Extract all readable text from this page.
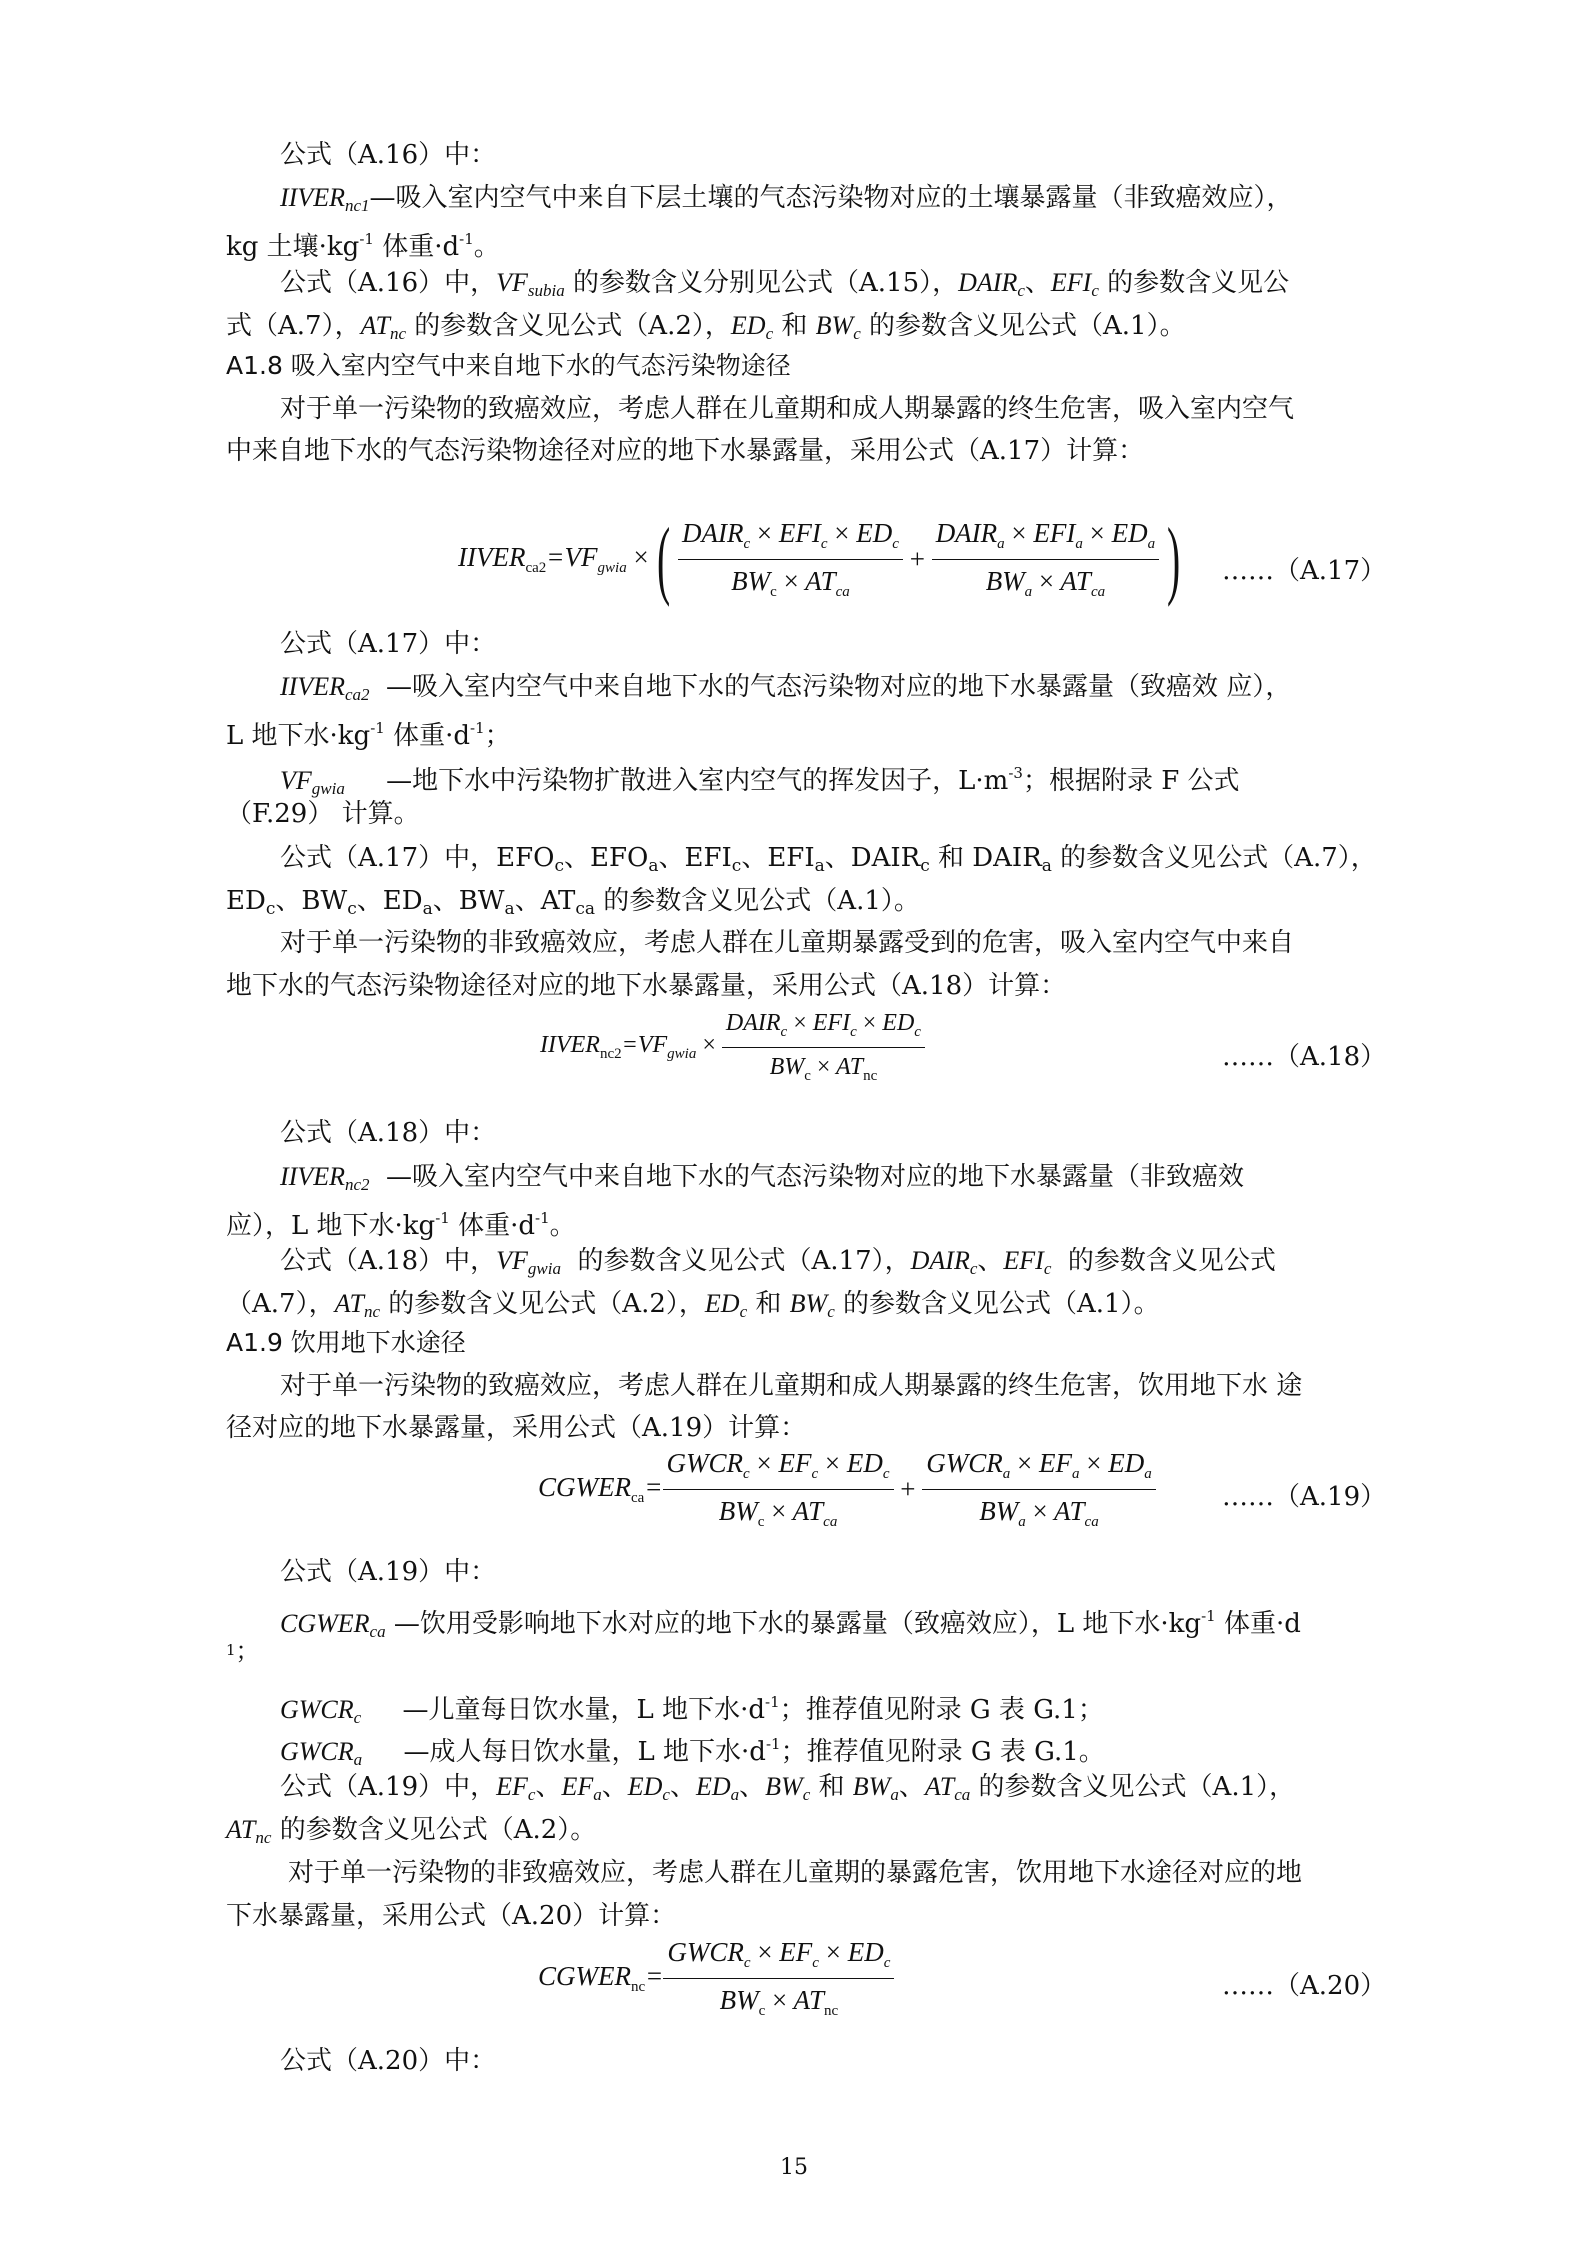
公式（A.16）中：
$IIVER_{nc1}—$吸入室内空气中来自下层土壤的气态污染物对应的土壤暴露量（非致癌效应），
kg 土壤$\cdot kg^{-1}$ 体重$\cdot d^{-1}$。
公式（A.16）中，$VF_{subia}$ 的参数含义分别见公式（A.15），$DAIR_c$、$EFI_c$ 的参数含义见公
式（A.7），$AT_{nc}$ 的参数含义见公式（A.2），$ED_c$ 和 $BW_c$ 的参数含义见公式（A.1）。
A1.8 吸入室内空气中来自地下水的气态污染物途径
对于单一污染物的致癌效应，考虑人群在儿童期和成人期暴露的终生危害，吸入室内空气
中来自地下水的气态污染物途径对应的地下水暴露量，采用公式（A.17）计算：
$IIVER_{ca2}=VF_{gwia}$ ×( $\frac{DAIR_c \times EFI_c \times ED_c}{BW_c \times AT_{ca}} + \frac{DAIR_a \times EFI_a \times ED_a}{BW_a \times AT_{ca}}$ )	……（A.17）
公式（A.17）中：
$IIVER_{ca2}$ —吸入室内空气中来自地下水的气态污染物对应的地下水暴露量（致癌效 应），
L 地下水$\cdot kg^{-1}$ 体重$\cdot d^{-1}$；
$VF_{gwia}$ —地下水中污染物扩散进入室内空气的挥发因子，$L\cdot m^{-3}$；根据附录 F 公式
（F.29） 计算。
公式（A.17）中，$EFO_c$、$EFO_a$、$EFI_c$、$EFI_a$、$DAIR_c$ 和 $DAIR_a$ 的参数含义见公式（A.7），
$ED_c$、$BW_c$、$ED_a$、$BW_a$、$AT_{ca}$ 的参数含义见公式（A.1）。
对于单一污染物的非致癌效应，考虑人群在儿童期暴露受到的危害，吸入室内空气中来自
地下水的气态污染物途径对应的地下水暴露量，采用公式（A.18）计算：
$IIVER_{nc2}=VF_{gwia} \times \frac{DAIR_c \times EFI_c \times ED_c}{BW_c \times AT_{nc}}$	……（A.18）
公式（A.18）中：
$IIVER_{nc2}$ —吸入室内空气中来自地下水的气态污染物对应的地下水暴露量（非致癌效
应），L 地下水$\cdot kg^{-1}$ 体重$\cdot d^{-1}$。
公式（A.18）中，$VF_{gwia}$  的参数含义见公式（A.17），$DAIR_c$、$EFI_c$  的参数含义见公式
（A.7），$AT_{nc}$ 的参数含义见公式（A.2），$ED_c$ 和 $BW_c$ 的参数含义见公式（A.1）。
A1.9 饮用地下水途径
对于单一污染物的致癌效应，考虑人群在儿童期和成人期暴露的终生危害，饮用地下水 途
径对应的地下水暴露量，采用公式（A.19）计算：
$CGWER_{ca}= \frac{GWCR_c \times EF_c \times ED_c}{BW_c \times AT_{ca}} + \frac{GWCR_a \times EF_a \times ED_a}{BW_a \times AT_{ca}}$	……（A.19）
公式（A.19）中：
$CGWER_{ca}$ —饮用受影响地下水对应的地下水的暴露量（致癌效应），L 地下水$\cdot kg^{-1}$ 体重·d
$^1$；
$GWCR_c$ —儿童每日饮水量，L 地下水$\cdot d^{-1}$；推荐值见附录 G 表 G.1；
$GWCR_a$ —成人每日饮水量，L 地下水$\cdot d^{-1}$；推荐值见附录 G 表 G.1。
公式（A.19）中，$EF_c$、$EF_a$、$ED_c$、$ED_a$、$BW_c$ 和 $BW_a$、$AT_{ca}$ 的参数含义见公式（A.1），
$AT_{nc}$ 的参数含义见公式（A.2）。
对于单一污染物的非致癌效应，考虑人群在儿童期的暴露危害，饮用地下水途径对应的地
下水暴露量，采用公式（A.20）计算：
$CGWER_{nc}= \frac{GWCR_c \times EF_c \times ED_c}{BW_c \times AT_{nc}}$	……（A.20）
公式（A.20）中：
15
